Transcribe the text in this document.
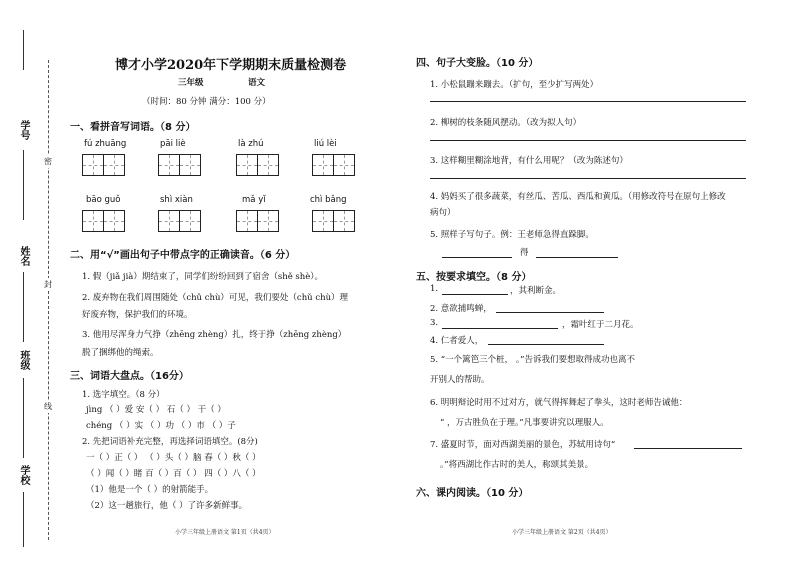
学号
姓名
班级
学校
密
封
线
博才小学2020年下学期期末质量检测卷
三年级	语文
（时间：80 分钟 满分：100 分）
一、看拼音写词语。（8 分）
fú zhuāng	pāi liè	là zhú	liú lèi
bāo guǒ	shì xiàn	mǎ yǐ	chì bǎng
二、用“√”画出句子中带点字的正确读音。（6 分）
1. 假（jiǎ jià）期结束了，同学们纷纷回到了宿舍（shě shè）。
2. 废弃物在我们周围随处（chǔ chù）可见，我们要处（chǔ chù）理
好废弃物，保护我们的环境。
3. 他用尽浑身力气挣（zhēng zhèng）扎，终于挣（zhēng zhèng）
脱了捆绑他的绳索。
三、词语大盘点。（16分）
1. 选字填空。（8 分）
jìng （ ）爱 安（ ） 石（ ） 干（ ）
chéng （ ）实 （ ）功 （ ）市 （ ）子
2. 先把词语补充完整，再选择词语填空。(8分)
一（ ）正（ ） （ ）头（ ）脑 春（ ）秋（ ）
（ ）闻（ ）睹 百（ ）百（ ） 四（ ）八（ ）
（1）他是一个（ ）的射箭能手。
（2）这一趟旅行，他（ ）了许多新鲜事。
小学三年级上册语文 第1页（共4页）
四、句子大变脸。（10 分）
1. 小松鼠蹦来蹦去。（扩句，至少扩写两处）
2. 柳树的枝条随风摆动。（改为拟人句）
3. 这样糊里糊涂地背，有什么用呢？（改为陈述句）
4. 妈妈买了很多蔬菜，有丝瓜、苦瓜、西瓜和黄瓜。（用修改符号在原句上修改
病句）
5. 照样子写句子。例：王老师急得直跺脚。
得
五、按要求填空。（8 分）
1.	，其利断金。
2. 意欲捕鸣蝉，
3.	，霜叶红于二月花。
4. 仁者爱人，
5. “一个篱笆三个桩， 。”告诉我们要想取得成功也离不
开别人的帮助。
6. 明明辩论时用不过对方，就气得挥舞起了拳头，这时老师告诫他：
“ ，万古胜负在于理。”凡事要讲究以理服人。
7. 盛夏时节，面对西湖美丽的景色，苏轼用诗句“
。”将西湖比作古时的美人，称颂其美景。
六、课内阅读。（10 分）
小学三年级上册语文 第2页（共4页）
